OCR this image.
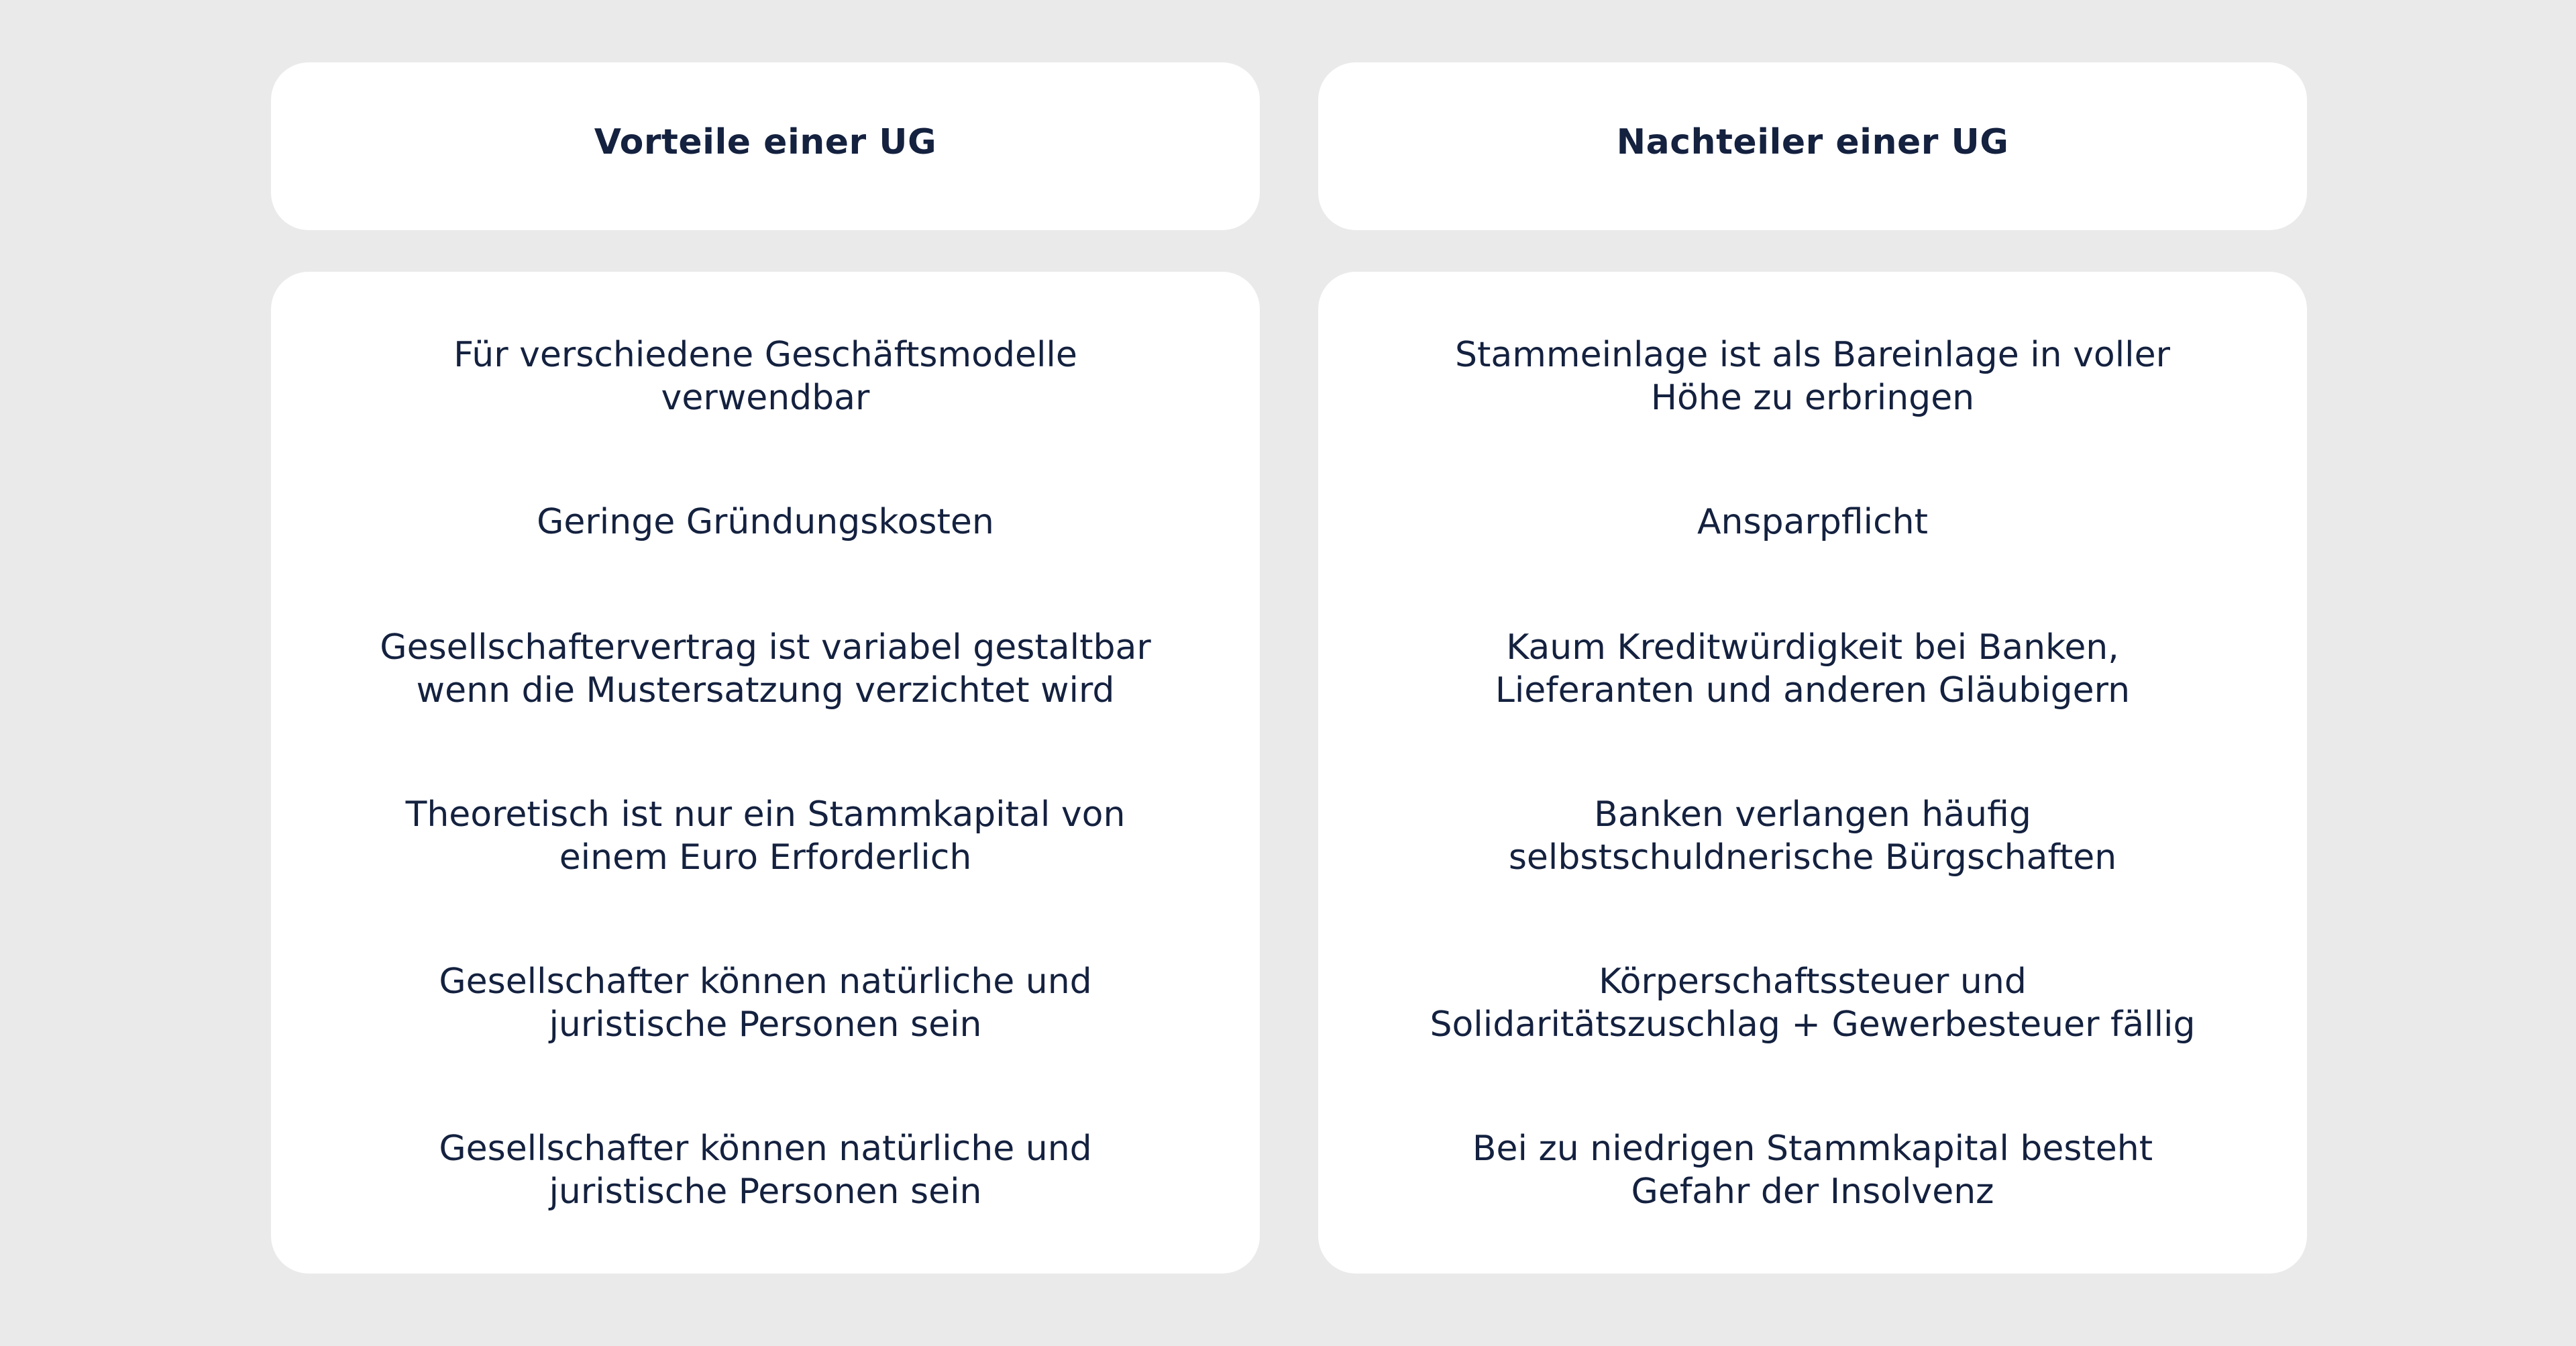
Vorteile einer UG
Für verschiedene Geschäftsmodelle
verwendbar
Geringe Gründungskosten
Gesellschaftervertrag ist variabel gestaltbar
wenn die Mustersatzung verzichtet wird
Theoretisch ist nur ein Stammkapital von
einem Euro Erforderlich
Gesellschafter können natürliche und
juristische Personen sein
Gesellschafter können natürliche und
juristische Personen sein
Nachteiler einer UG
Stammeinlage ist als Bareinlage in voller
Höhe zu erbringen
Ansparpflicht
Kaum Kreditwürdigkeit bei Banken,
Lieferanten und anderen Gläubigern
Banken verlangen häufig
selbstschuldnerische Bürgschaften
Körperschaftssteuer und
Solidaritätszuschlag + Gewerbesteuer fällig
Bei zu niedrigen Stammkapital besteht
Gefahr der Insolvenz
